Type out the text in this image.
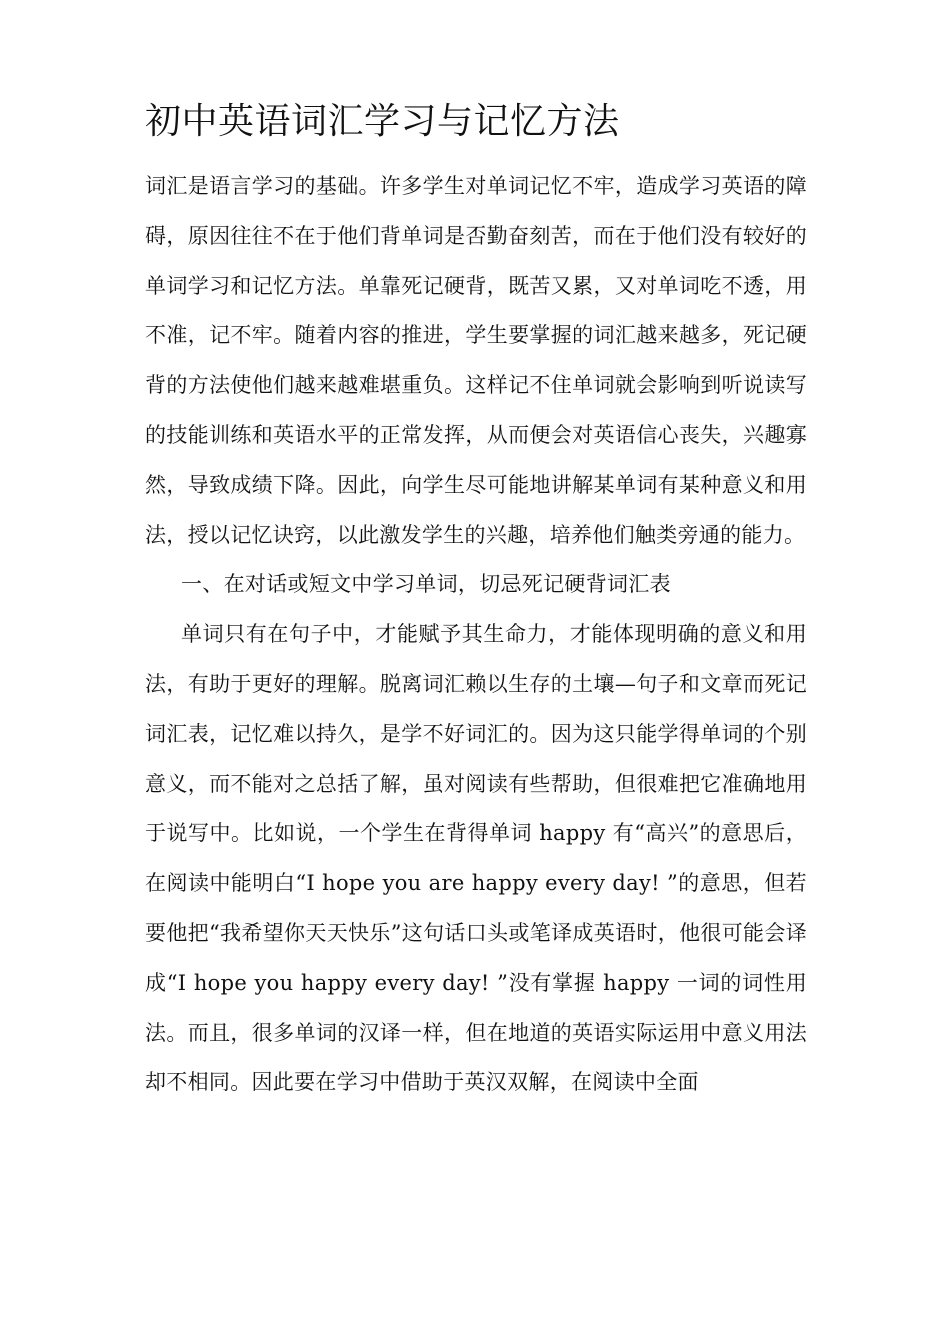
初中英语词汇学习与记忆方法

词汇是语言学习的基础。许多学生对单词记忆不牢，造成学习英语的障碍，原因往往不在于他们背单词是否勤奋刻苦，而在于他们没有较好的单词学习和记忆方法。单靠死记硬背，既苦又累，又对单词吃不透，用不准，记不牢。随着内容的推进，学生要掌握的词汇越来越多，死记硬背的方法使他们越来越难堪重负。这样记不住单词就会影响到听说读写的技能训练和英语水平的正常发挥，从而便会对英语信心丧失，兴趣寡然，导致成绩下降。因此，向学生尽可能地讲解某单词有某种意义和用法，授以记忆诀窍，以此激发学生的兴趣，培养他们触类旁通的能力。

一、在对话或短文中学习单词，切忌死记硬背词汇表

单词只有在句子中，才能赋予其生命力，才能体现明确的意义和用法，有助于更好的理解。脱离词汇赖以生存的土壤—句子和文章而死记词汇表，记忆难以持久，是学不好词汇的。因为这只能学得单词的个别意义，而不能对之总括了解，虽对阅读有些帮助，但很难把它准确地用于说写中。比如说，一个学生在背得单词 happy 有“高兴”的意思后，在阅读中能明白“I hope you are happy every day! ”的意思，但若要他把“我希望你天天快乐”这句话口头或笔译成英语时，他很可能会译成“I hope you happy every day! ”没有掌握 happy 一词的词性用法。而且，很多单词的汉译一样，但在地道的英语实际运用中意义用法却不相同。因此要在学习中借助于英汉双解，在阅读中全面
